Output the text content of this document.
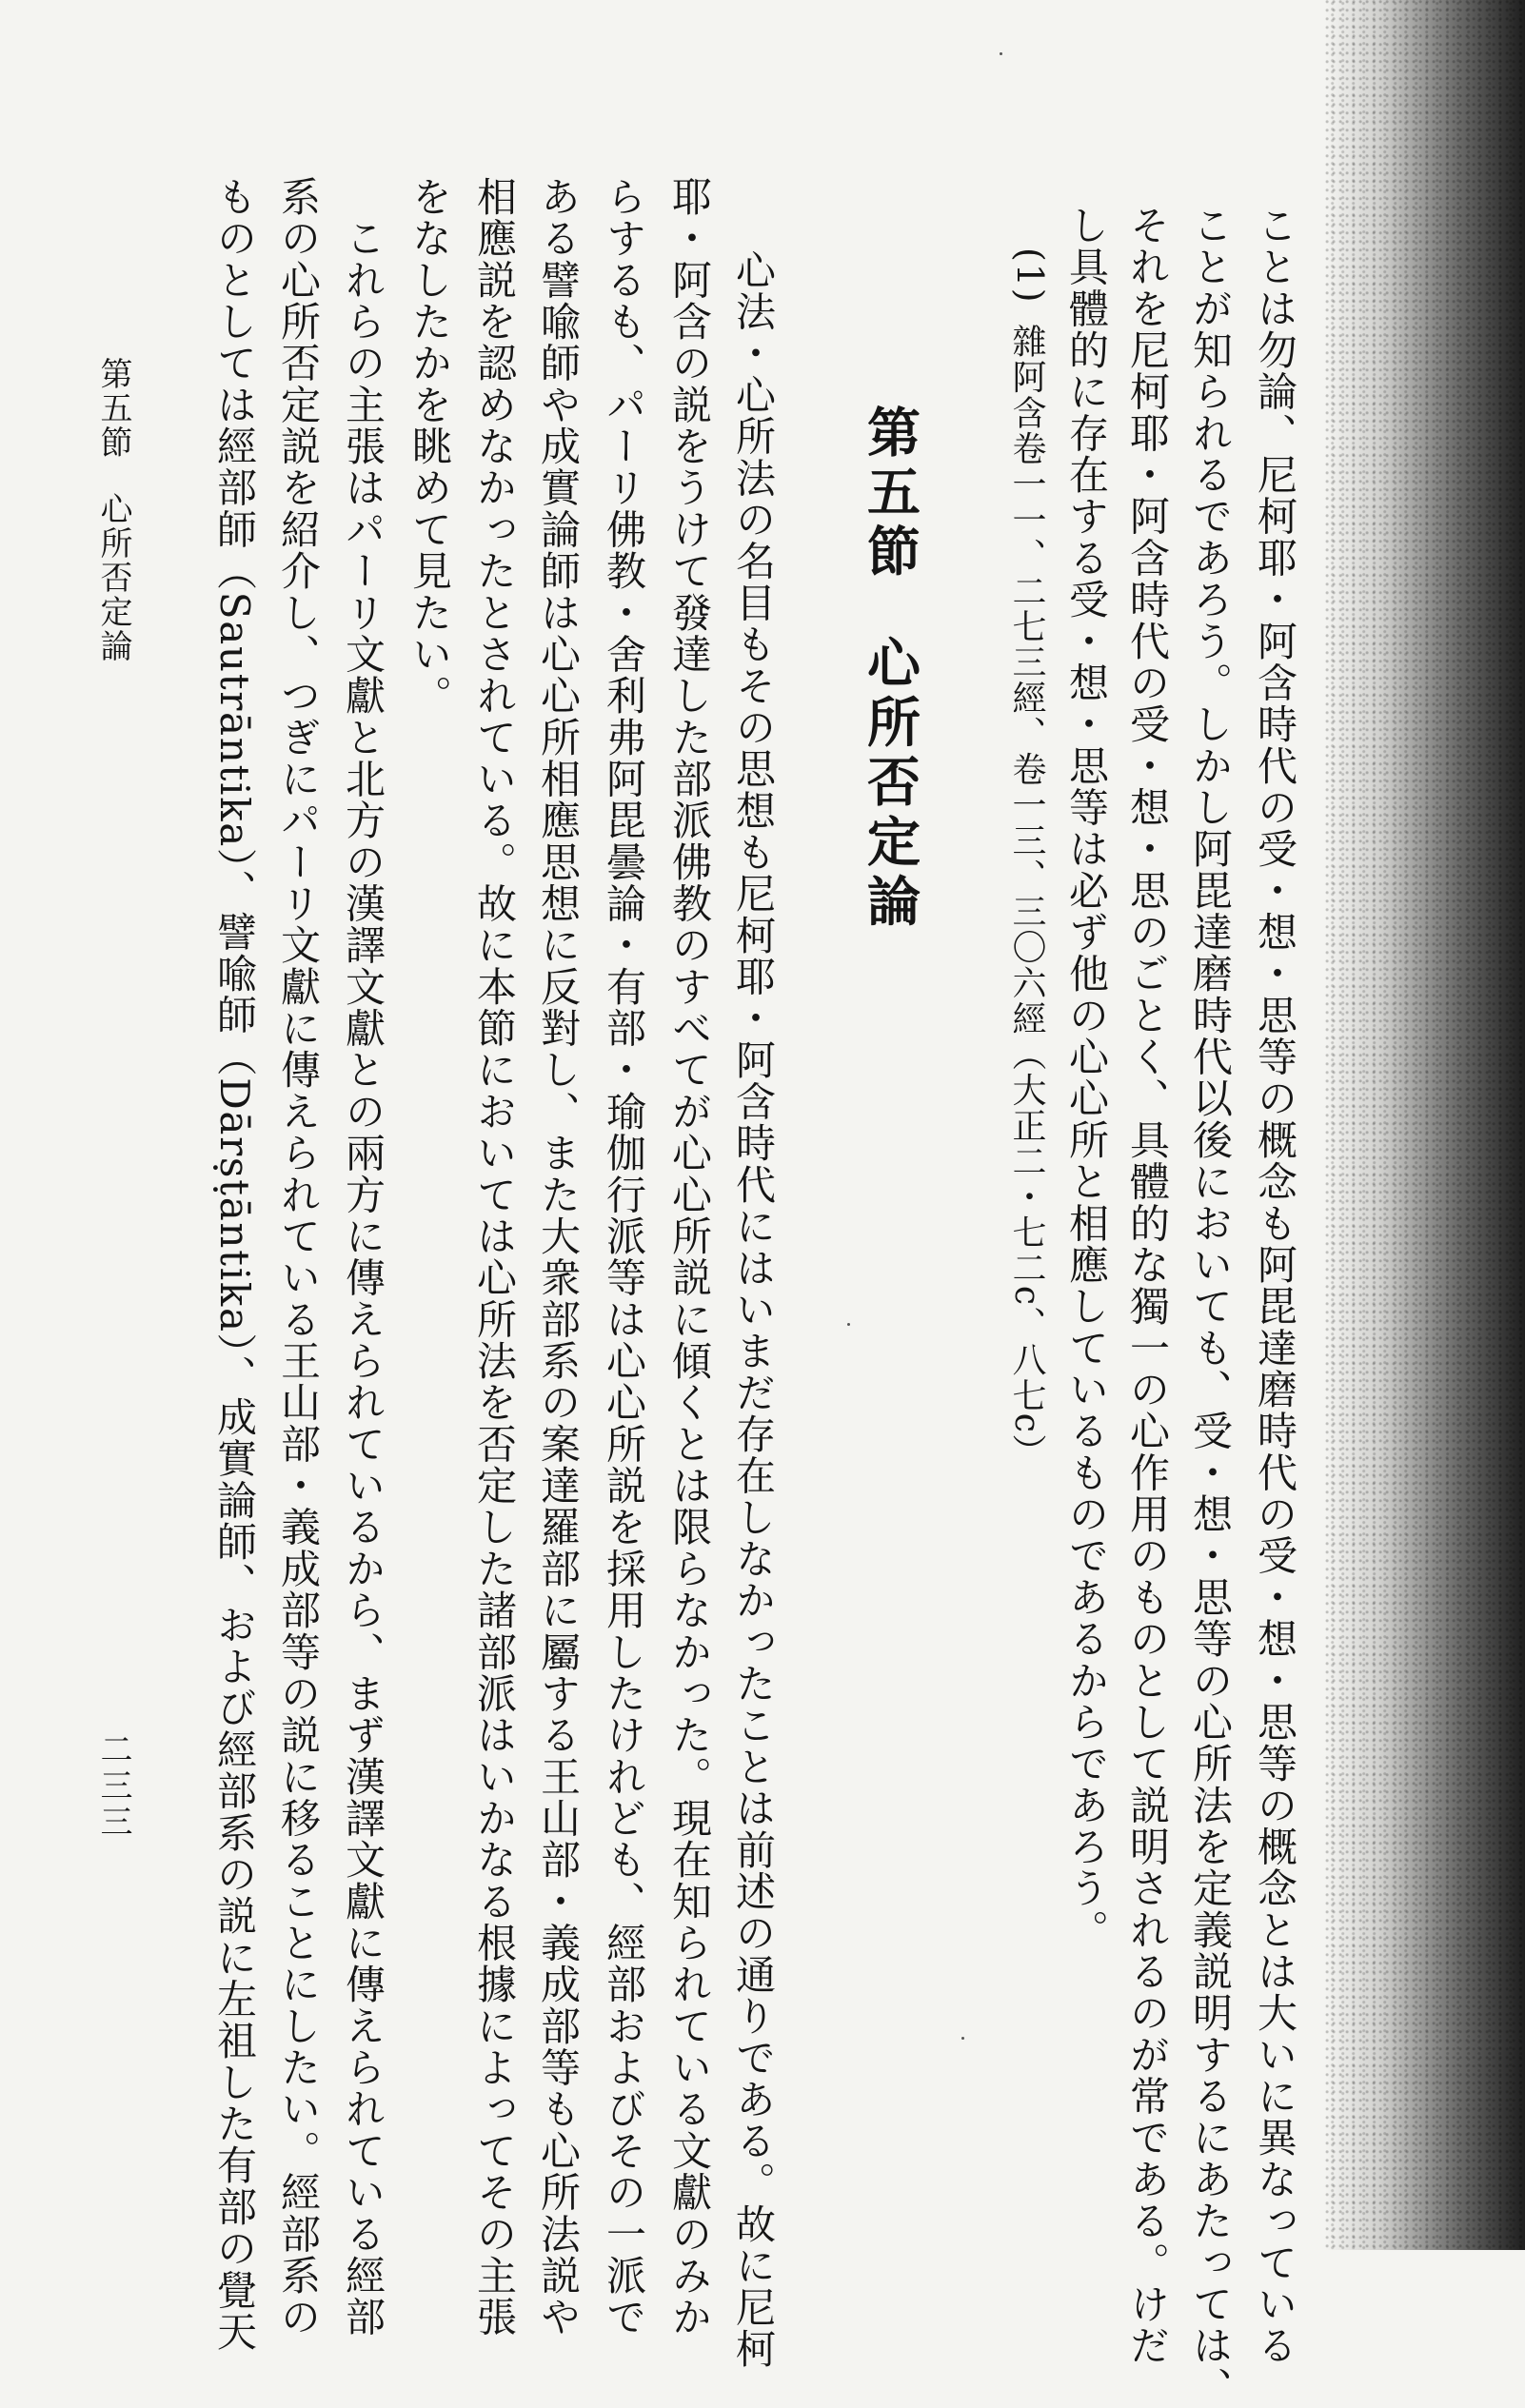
ことは勿論、尼柯耶・阿含時代の受・想・思等の概念も阿毘達磨時代の受・想・思等の概念とは大いに異なっている
ことが知られるであろう。しかし阿毘達磨時代以後においても、受・想・思等の心所法を定義説明するにあたっては、
それを尼柯耶・阿含時代の受・想・思のごとく、具體的な獨一の心作用のものとして説明されるのが常である。けだ
し具體的に存在する受・想・思等は必ず他の心心所と相應しているものであるからであろう。
(1)
雜阿含卷一一、二七三經、卷一三、三〇六經（大正二・七二c、八七c）
第五節心所否定論
心法・心所法の名目もその思想も尼柯耶・阿含時代にはいまだ存在しなかったことは前述の通りである。故に尼柯
耶・阿含の説をうけて發達した部派佛教のすべてが心心所説に傾くとは限らなかった。現在知られている文獻のみか
らするも、パーリ佛教・舍利弗阿毘曇論・有部・瑜伽行派等は心心所説を採用したけれども、經部およびその一派で
ある譬喩師や成實論師は心心所相應思想に反對し、また大衆部系の案達羅部に屬する王山部・義成部等も心所法説や
相應説を認めなかったとされている。故に本節においては心所法を否定した諸部派はいかなる根據によってその主張
をなしたかを眺めて見たい。
　これらの主張はパーリ文獻と北方の漢譯文獻との兩方に傳えられているから、まず漢譯文獻に傳えられている經部
系の心所否定説を紹介し、つぎにパーリ文獻に傳えられている王山部・義成部等の説に移ることにしたい。經部系の
ものとしては經部師（Sautrāntika）、譬喩師（Dārṣṭāntika）、成實論師、および經部系の説に左祖した有部の覺天
第五節心所否定論
二三三
